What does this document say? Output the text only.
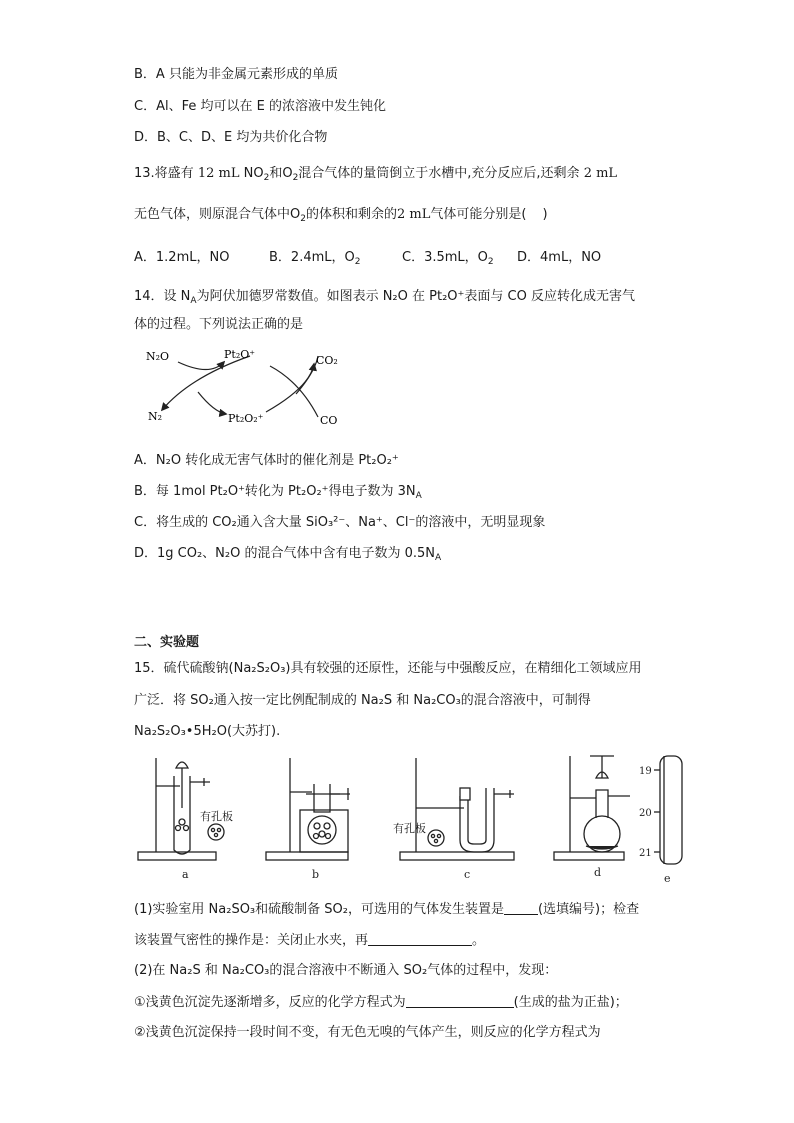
B．A 只能为非金属元素形成的单质
C．Al、Fe 均可以在 E 的浓溶液中发生钝化
D．B、C、D、E 均为共价化合物
13.将盛有 12 mL $NO_2$和$O_2$混合气体的量筒倒立于水槽中,充分反应后,还剩余 2 mL
无色气体，则原混合气体中$O_2$的体积和剩余的2 mL气体可能分别是( )
A．1.2mL，NO	B．2.4mL，$O_2$	C．3.5mL，$O_2$ D．4mL，NO
14．设 $N_A$为阿伏加德罗常数值。如图表示 N₂O 在 Pt₂O⁺表面与 CO 反应转化成无害气
体的过程。下列说法正确的是
N₂O	Pt₂O⁺	CO₂
N₂	Pt₂O₂⁺	CO
A．N₂O 转化成无害气体时的催化剂是 Pt₂O₂⁺
B．每 1mol Pt₂O⁺转化为 Pt₂O₂⁺得电子数为 $3N_A$
C．将生成的 CO₂通入含大量 SiO₃²⁻、Na⁺、Cl⁻的溶液中，无明显现象
D．1g CO₂、N₂O 的混合气体中含有电子数为 $0.5N_A$
二、实验题
15．硫代硫酸钠(Na₂S₂O₃)具有较强的还原性，还能与中强酸反应，在精细化工领域应用
广泛．将 SO₂通入按一定比例配制成的 Na₂S 和 Na₂CO₃的混合溶液中，可制得
Na₂S₂O₃•5H₂O(大苏打).
19
20
21
a	b	c	d	e
有孔板
有孔板
(1)实验室用 Na₂SO₃和硫酸制备 SO₂，可选用的气体发生装置是	(选填编号)；检查
该装置气密性的操作是：关闭止水夹，再	。
(2)在 Na₂S 和 Na₂CO₃的混合溶液中不断通入 SO₂气体的过程中，发现：
①浅黄色沉淀先逐渐增多，反应的化学方程式为	(生成的盐为正盐)；
②浅黄色沉淀保持一段时间不变，有无色无嗅的气体产生，则反应的化学方程式为
